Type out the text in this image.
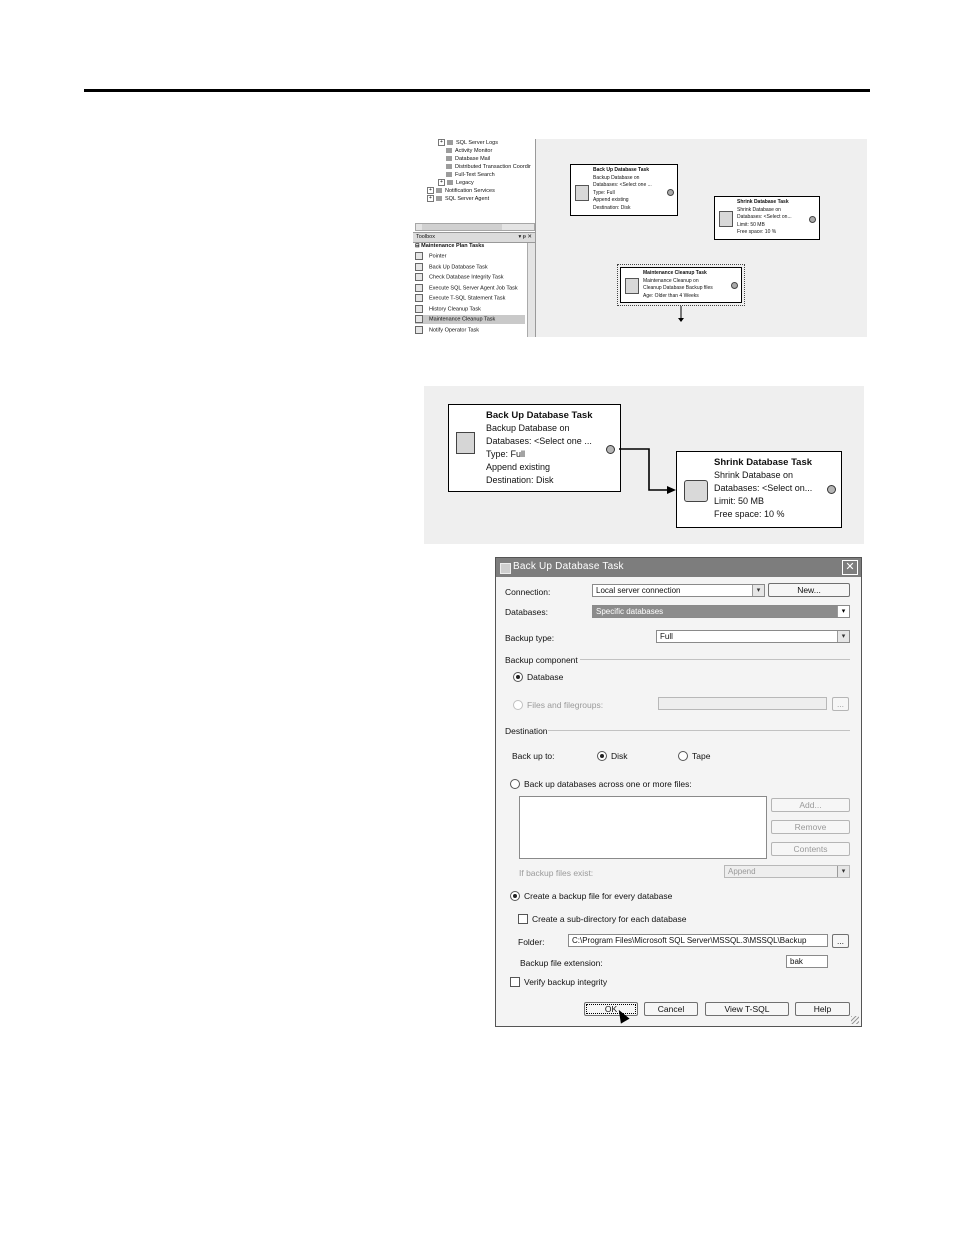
+ SQL Server Logs
Activity Monitor
Database Mail
Distributed Transaction Coordir
Full-Text Search
+ Legacy
+ Notification Services
+ SQL Server Agent
Toolbox	▾ ᵽ ✕
⊟ Maintenance Plan Tasks
Pointer
Back Up Database Task
Check Database Integrity Task
Execute SQL Server Agent Job Task
Execute T-SQL Statement Task
History Cleanup Task
Maintenance Cleanup Task
Notify Operator Task
Back Up Database Task
Backup Database on
Databases: <Select one ...
Type: Full
Append existing
Destination: Disk
Shrink Database Task
Shrink Database on
Databases: <Select on...
Limit: 50 MB
Free space: 10 %
Maintenance Cleanup Task
Maintenance Cleanup on
Cleanup Database Backup files
Age: Older than 4 Weeks
Back Up Database Task
Backup Database on
Databases: <Select one ...
Type: Full
Append existing
Destination: Disk
Shrink Database Task
Shrink Database on
Databases: <Select on...
Limit: 50 MB
Free space: 10 %
Back Up Database Task	✕
Connection:	Local server connection	▾	New...
Databases:	Specific databases	▾
Backup type:	Full	▾
Backup component
Database
Files and filegroups:	...
Destination
Back up to:	Disk	Tape
Back up databases across one or more files:
Add...
Remove
Contents
If backup files exist:	Append	▾
Create a backup file for every database
Create a sub-directory for each database
Folder:	C:\Program Files\Microsoft SQL Server\MSSQL.3\MSSQL\Backup	...
Backup file extension:	bak
Verify backup integrity
OK	Cancel	View T-SQL	Help
